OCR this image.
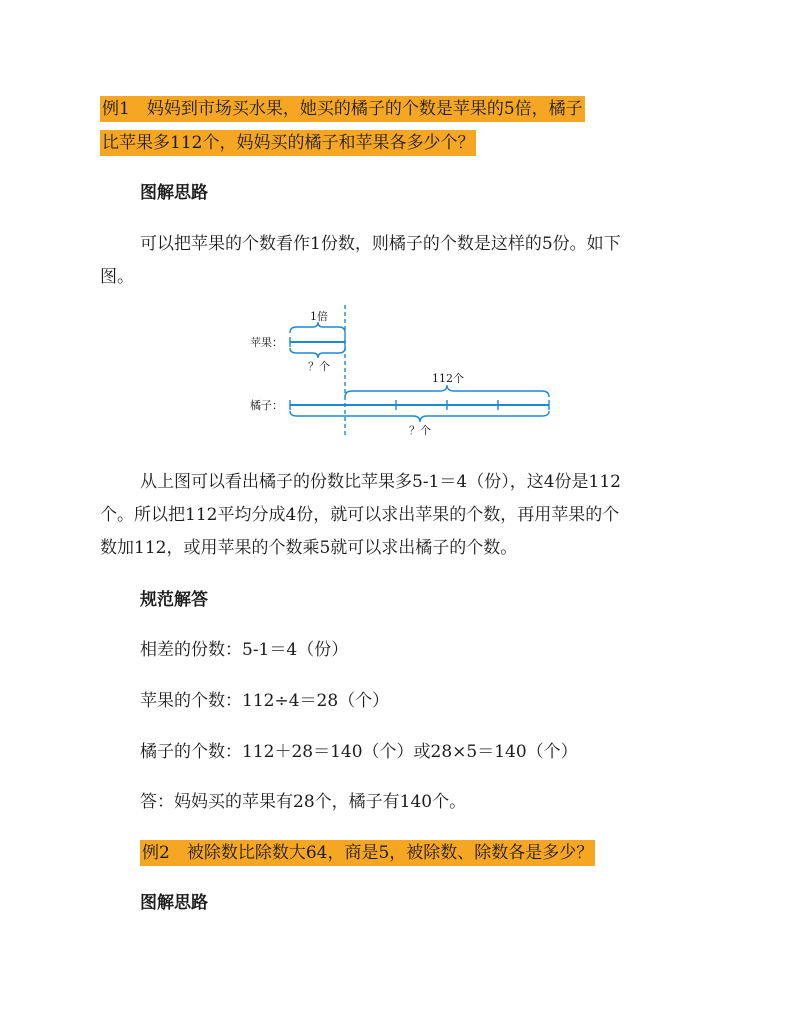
例1　妈妈到市场买水果，她买的橘子的个数是苹果的5倍，橘子
比苹果多112个，妈妈买的橘子和苹果各多少个？
图解思路
可以把苹果的个数看作1份数，则橘子的个数是这样的5份。如下
图。
苹果：
1倍
？个
橘子：
112个
？个
从上图可以看出橘子的份数比苹果多5-1＝4（份），这4份是112
个。所以把112平均分成4份，就可以求出苹果的个数，再用苹果的个
数加112，或用苹果的个数乘5就可以求出橘子的个数。
规范解答
相差的份数：5-1＝4（份）
苹果的个数：112÷4＝28（个）
橘子的个数：112＋28＝140（个）或28×5＝140（个）
答：妈妈买的苹果有28个，橘子有140个。
例2　被除数比除数大64，商是5，被除数、除数各是多少？
图解思路
